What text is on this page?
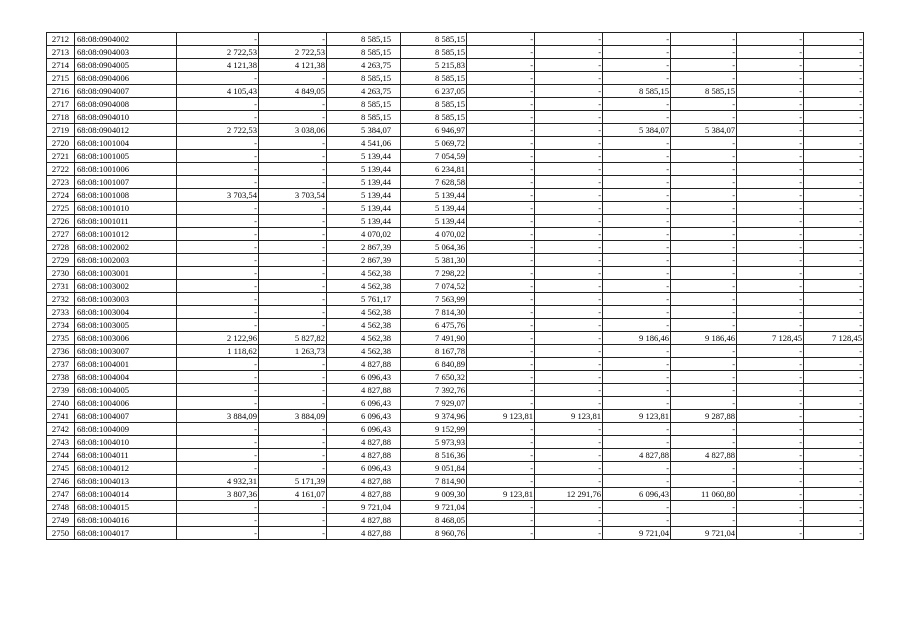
2712	68:08:0904002	-	-	8 585,15	8 585,15	-	-	-	-	-	-
2713	68:08:0904003	2 722,53	2 722,53	8 585,15	8 585,15	-	-	-	-	-	-
2714	68:08:0904005	4 121,38	4 121,38	4 263,75	5 215,83	-	-	-	-	-	-
2715	68:08:0904006	-	-	8 585,15	8 585,15	-	-	-	-	-	-
2716	68:08:0904007	4 105,43	4 849,05	4 263,75	6 237,05	-	-	8 585,15	8 585,15	-	-
2717	68:08:0904008	-	-	8 585,15	8 585,15	-	-	-	-	-	-
2718	68:08:0904010	-	-	8 585,15	8 585,15	-	-	-	-	-	-
2719	68:08:0904012	2 722,53	3 038,06	5 384,07	6 946,97	-	-	5 384,07	5 384,07	-	-
2720	68:08:1001004	-	-	4 541,06	5 069,72	-	-	-	-	-	-
2721	68:08:1001005	-	-	5 139,44	7 054,59	-	-	-	-	-	-
2722	68:08:1001006	-	-	5 139,44	6 234,81	-	-	-	-	-	-
2723	68:08:1001007	-	-	5 139,44	7 628,58	-	-	-	-	-	-
2724	68:08:1001008	3 703,54	3 703,54	5 139,44	5 139,44	-	-	-	-	-	-
2725	68:08:1001010	-	-	5 139,44	5 139,44	-	-	-	-	-	-
2726	68:08:1001011	-	-	5 139,44	5 139,44	-	-	-	-	-	-
2727	68:08:1001012	-	-	4 070,02	4 070,02	-	-	-	-	-	-
2728	68:08:1002002	-	-	2 867,39	5 064,36	-	-	-	-	-	-
2729	68:08:1002003	-	-	2 867,39	5 381,30	-	-	-	-	-	-
2730	68:08:1003001	-	-	4 562,38	7 298,22	-	-	-	-	-	-
2731	68:08:1003002	-	-	4 562,38	7 074,52	-	-	-	-	-	-
2732	68:08:1003003	-	-	5 761,17	7 563,99	-	-	-	-	-	-
2733	68:08:1003004	-	-	4 562,38	7 814,30	-	-	-	-	-	-
2734	68:08:1003005	-	-	4 562,38	6 475,76	-	-	-	-	-	-
2735	68:08:1003006	2 122,96	5 827,82	4 562,38	7 491,90	-	-	9 186,46	9 186,46	7 128,45	7 128,45
2736	68:08:1003007	1 118,62	1 263,73	4 562,38	8 167,78	-	-	-	-	-	-
2737	68:08:1004001	-	-	4 827,88	6 840,89	-	-	-	-	-	-
2738	68:08:1004004	-	-	6 096,43	7 650,32	-	-	-	-	-	-
2739	68:08:1004005	-	-	4 827,88	7 392,76	-	-	-	-	-	-
2740	68:08:1004006	-	-	6 096,43	7 929,07	-	-	-	-	-	-
2741	68:08:1004007	3 884,09	3 884,09	6 096,43	9 374,96	9 123,81	9 123,81	9 123,81	9 287,88	-	-
2742	68:08:1004009	-	-	6 096,43	9 152,99	-	-	-	-	-	-
2743	68:08:1004010	-	-	4 827,88	5 973,93	-	-	-	-	-	-
2744	68:08:1004011	-	-	4 827,88	8 516,36	-	-	4 827,88	4 827,88	-	-
2745	68:08:1004012	-	-	6 096,43	9 051,84	-	-	-	-	-	-
2746	68:08:1004013	4 932,31	5 171,39	4 827,88	7 814,90	-	-	-	-	-	-
2747	68:08:1004014	3 807,36	4 161,07	4 827,88	9 009,30	9 123,81	12 291,76	6 096,43	11 060,80	-	-
2748	68:08:1004015	-	-	9 721,04	9 721,04	-	-	-	-	-	-
2749	68:08:1004016	-	-	4 827,88	8 468,05	-	-	-	-	-	-
2750	68:08:1004017	-	-	4 827,88	8 960,76	-	-	9 721,04	9 721,04	-	-
